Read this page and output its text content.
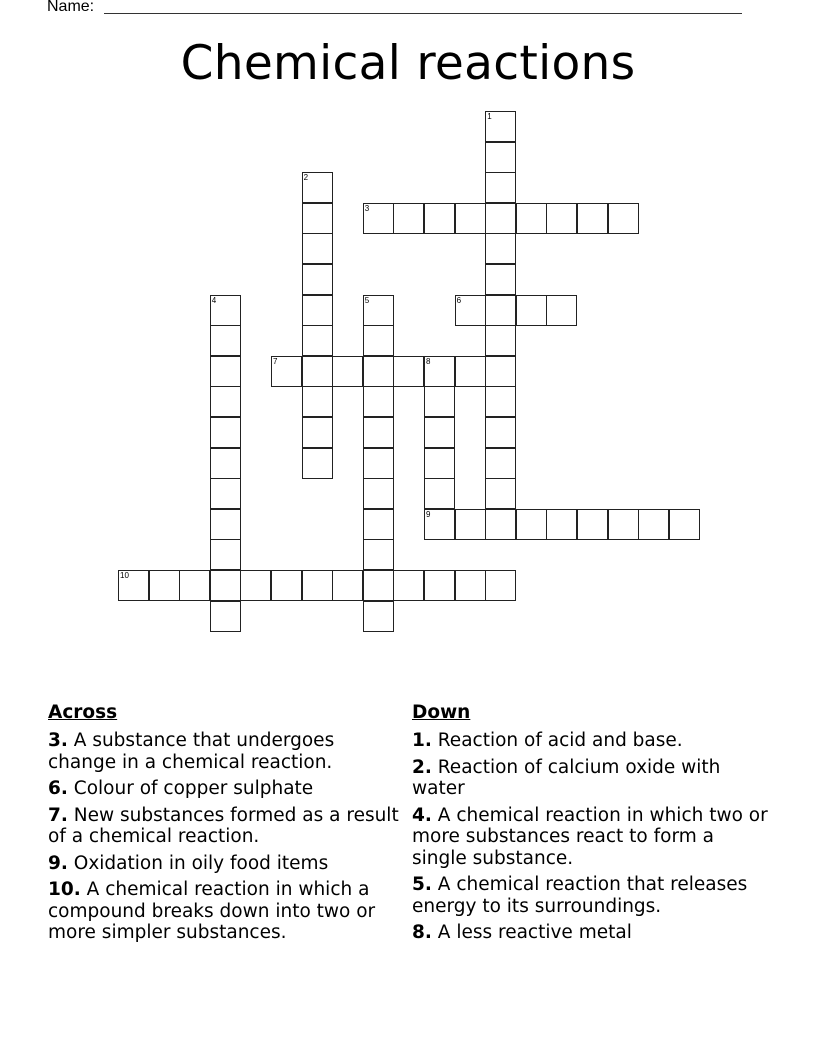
Name:
Chemical reactions
1
2
3
4	5	6
7	8
9
10
Across
3. A substance that undergoes change in a chemical reaction.
6. Colour of copper sulphate
7. New substances formed as a result of a chemical reaction.
9. Oxidation in oily food items
10. A chemical reaction in which a compound breaks down into two or more simpler substances.
Down
1. Reaction of acid and base.
2. Reaction of calcium oxide with water
4. A chemical reaction in which two or more substances react to form a single substance.
5. A chemical reaction that releases energy to its surroundings.
8. A less reactive metal
